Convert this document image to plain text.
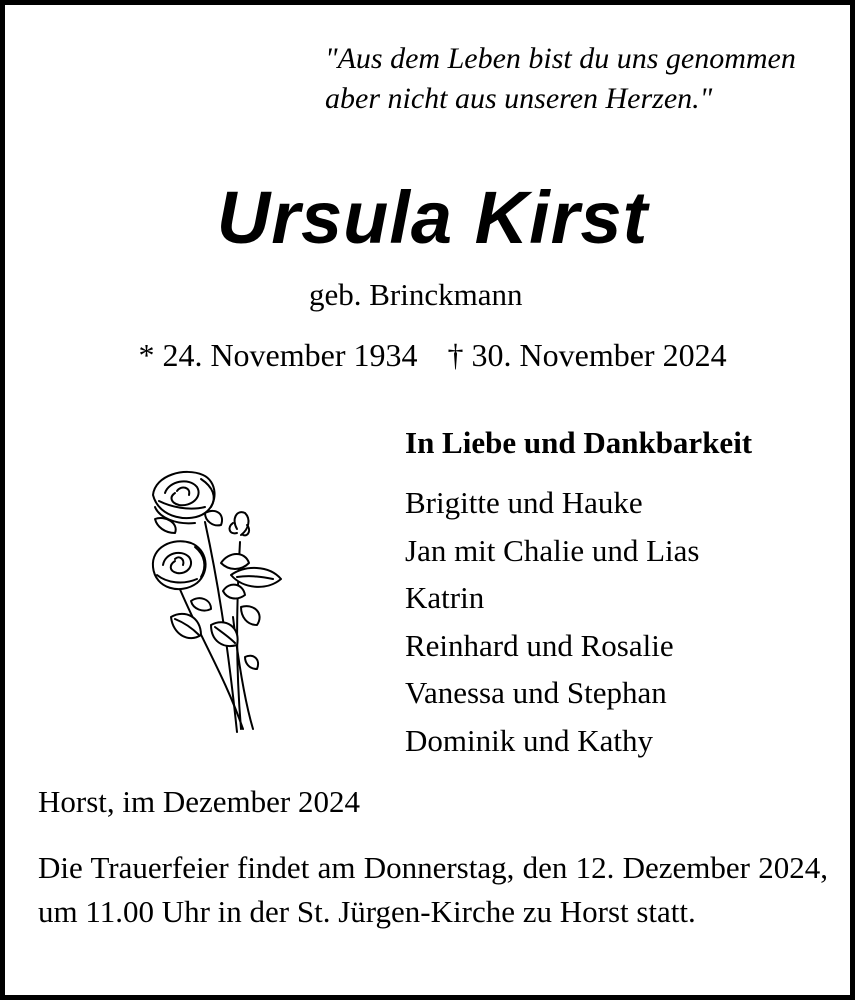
"Aus dem Leben bist du uns genommen
aber nicht aus unseren Herzen."
Ursula Kirst
geb. Brinckmann
* 24. November 1934 † 30. November 2024
In Liebe und Dankbarkeit
Brigitte und Hauke
Jan mit Chalie und Lias
Katrin
Reinhard und Rosalie
Vanessa und Stephan
Dominik und Kathy
Horst, im Dezember 2024
Die Trauerfeier findet am Donnerstag, den 12. Dezember 2024, um 11.00 Uhr in der St. Jürgen-Kirche zu Horst statt.
